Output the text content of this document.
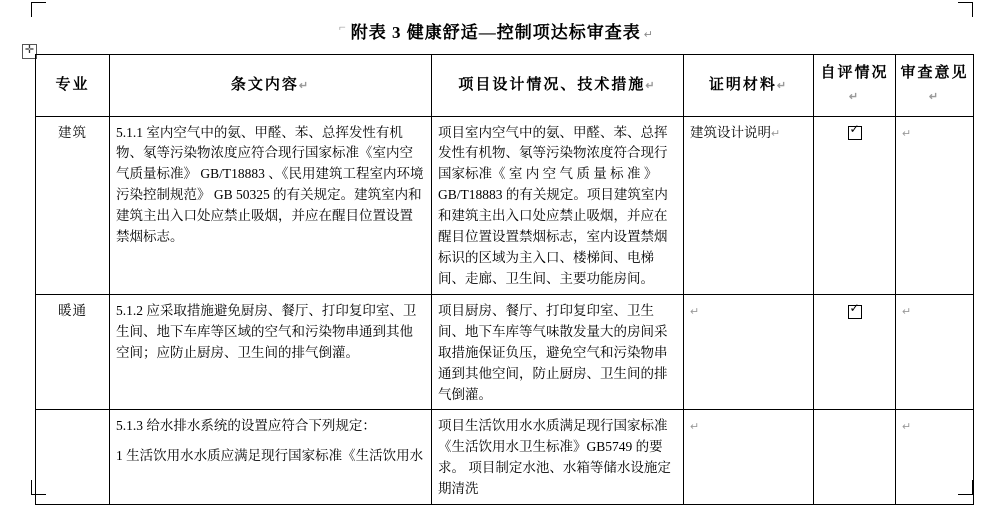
✛
⌐ 附表 3 健康舒适—控制项达标审查表 ↵
专业	条文内容↵	项目设计情况、技术措施↵	证明材料↵	自评情况↵	审查意见↵
建筑	5.1.1 室内空气中的氨、甲醛、苯、总挥发性有机物、氡等污染物浓度应符合现行国家标准《室内空气质量标准》 GB/T18883 、《民用建筑工程室内环境污染控制规范》 GB 50325 的有关规定。建筑室内和建筑主出入口处应禁止吸烟，并应在醒目位置设置禁烟标志。	项目室内空气中的氨、甲醛、苯、总挥发性有机物、氡等污染物浓度符合现行国家标准《 室 内 空 气 质 量 标 准 》GB/T18883 的有关规定。项目建筑室内和建筑主出入口处应禁止吸烟，并应在醒目位置设置禁烟标志，室内设置禁烟标识的区域为主入口、楼梯间、电梯间、走廊、卫生间、主要功能房间。	建筑设计说明↵	✓	↵
暖通	5.1.2 应采取措施避免厨房、餐厅、打印复印室、卫生间、地下车库等区域的空气和污染物串通到其他空间；应防止厨房、卫生间的排气倒灌。	项目厨房、餐厅、打印复印室、卫生间、地下车库等气味散发量大的房间采取措施保证负压，避免空气和污染物串通到其他空间，防止厨房、卫生间的排气倒灌。	↵	✓	↵

	5.1.3 给水排水系统的设置应符合下列规定：
1 生活饮用水水质应满足现行国家标准《生活饮用水	项目生活饮用水水质满足现行国家标准《生活饮用水卫生标准》GB5749 的要求。 项目制定水池、水箱等储水设施定期清洗	↵		↵
